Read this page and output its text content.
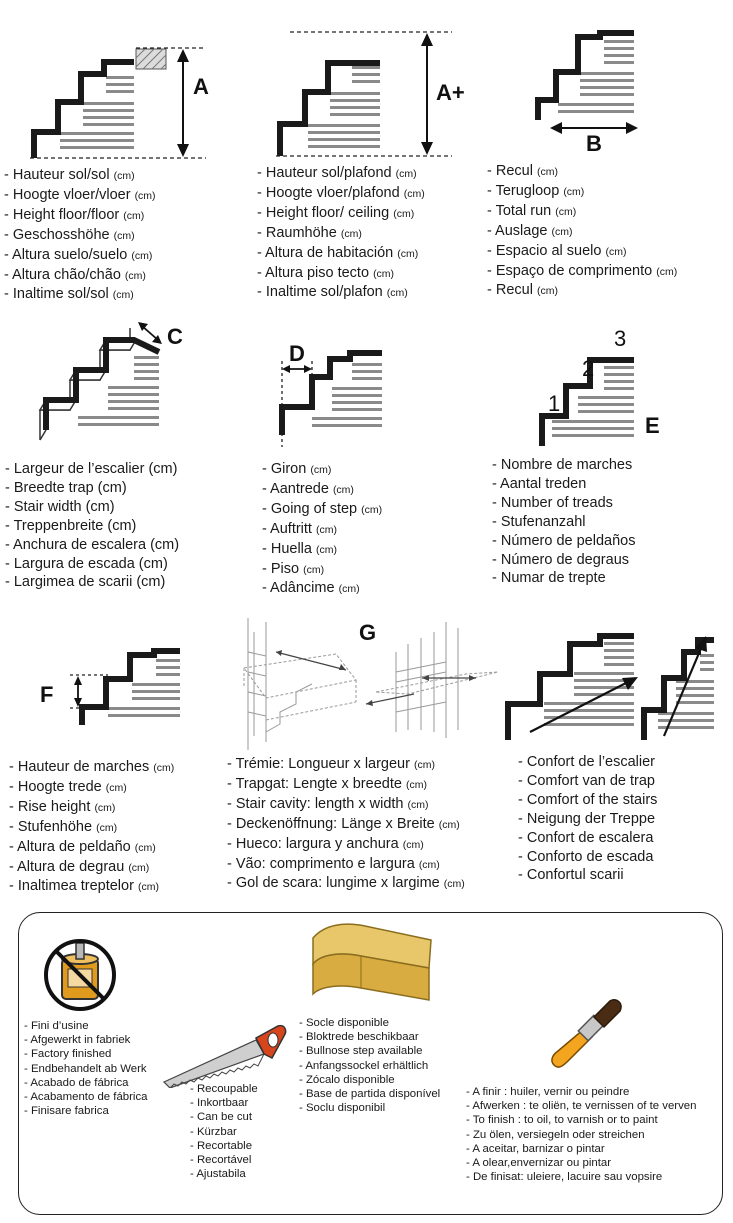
A	A+
B
C
D
E
1
2
3
F
G
- Hauteur sol/sol (cm)
- Hoogte vloer/vloer (cm)
- Height floor/floor (cm)
- Geschosshöhe (cm)
- Altura suelo/suelo (cm)
- Altura chão/chão (cm)
- Inaltime sol/sol (cm)
- Hauteur sol/plafond (cm)
- Hoogte vloer/plafond (cm)
- Height floor/ ceiling (cm)
- Raumhöhe (cm)
- Altura de habitación (cm)
- Altura piso tecto (cm)
- Inaltime sol/plafon (cm)
- Recul (cm)
- Terugloop (cm)
- Total run (cm)
- Auslage (cm)
- Espacio al suelo (cm)
- Espaço de comprimento (cm)
- Recul (cm)
- Largeur de l’escalier (cm)
- Breedte trap (cm)
- Stair width (cm)
- Treppenbreite (cm)
- Anchura de escalera (cm)
- Largura de escada (cm)
- Largimea de scarii (cm)
- Giron (cm)
- Aantrede (cm)
- Going of step (cm)
- Auftritt (cm)
- Huella (cm)
- Piso (cm)
- Adâncime (cm)
- Nombre de marches
- Aantal treden
- Number of treads
- Stufenanzahl
- Número de peldaños
- Número de degraus
- Numar de trepte
- Hauteur de marches (cm)
- Hoogte trede (cm)
- Rise height (cm)
- Stufenhöhe (cm)
- Altura de peldaño (cm)
- Altura de degrau (cm)
- Inaltimea treptelor (cm)
- Trémie: Longueur x largeur (cm)
- Trapgat: Lengte x breedte (cm)
- Stair cavity: length x width (cm)
- Deckenöffnung: Länge x Breite (cm)
- Hueco: largura y anchura (cm)
- Vão: comprimento e largura (cm)
- Gol de scara: lungime x largime (cm)
- Confort de l’escalier
- Comfort van de trap
- Comfort of the stairs
- Neigung der Treppe
- Confort de escalera
- Conforto de escada
- Confortul scarii
- Fini d’usine
- Afgewerkt in fabriek
- Factory finished
- Endbehandelt ab Werk
- Acabado de fábrica
- Acabamento de fábrica
- Finisare fabrica
- Recoupable
- Inkortbaar
- Can be cut
- Kürzbar
- Recortable
- Recortável
- Ajustabila
- Socle disponible
- Bloktrede beschikbaar
- Bullnose step available
- Anfangssockel erhältlich
- Zócalo disponible
- Base de partida disponível
- Soclu disponibil
- A finir : huiler, vernir ou peindre
- Afwerken : te oliën, te vernissen of te verven
- To finish : to oil, to varnish or to paint
- Zu ölen, versiegeln oder streichen
- A aceitar, barnizar o pintar
- A olear,envernizar ou pintar
- De finisat: uleiere, lacuire sau vopsire
